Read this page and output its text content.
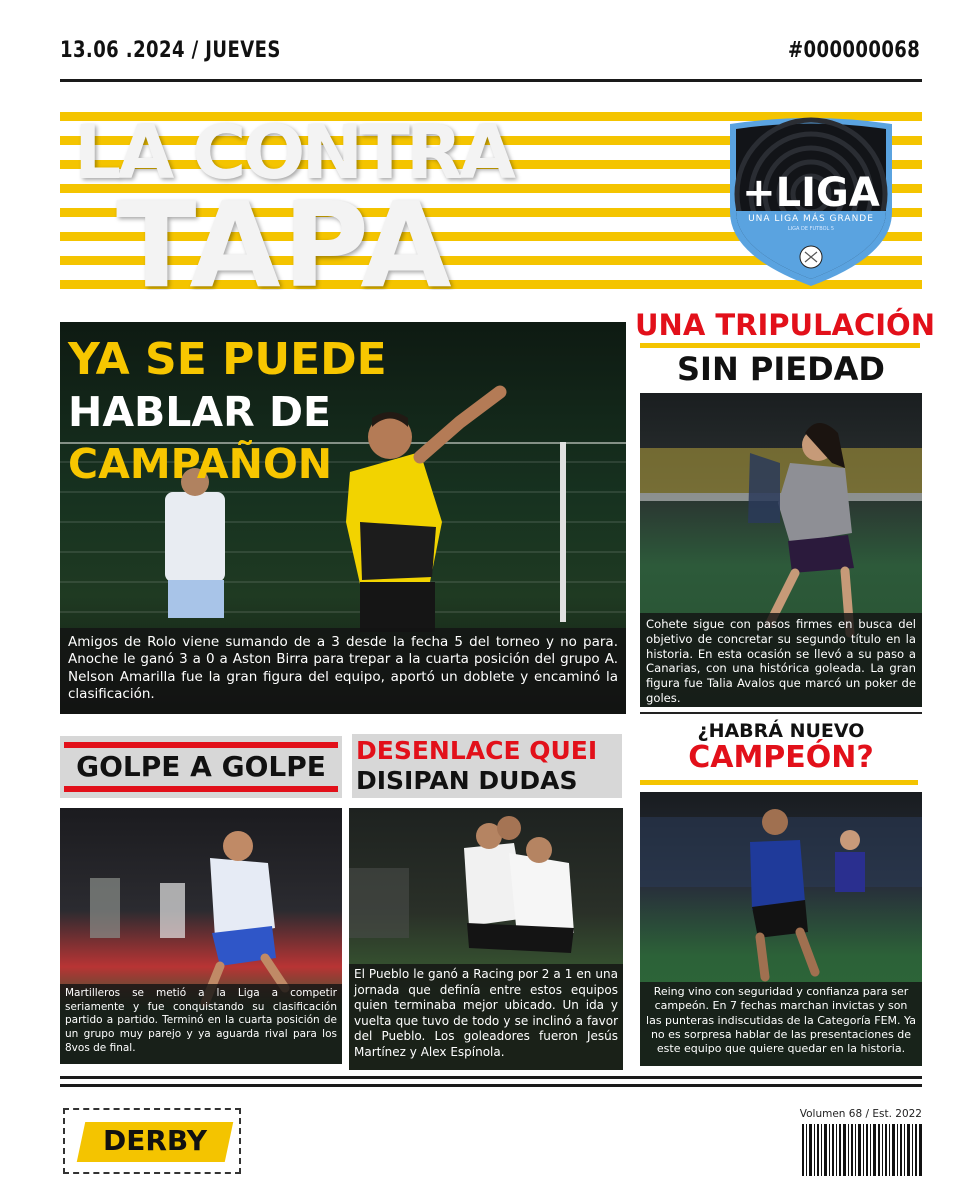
13.06 .2024 / JUEVES	#000000068
LA CONTRA
TAPA	+LIGA
UNA LIGA MÁS GRANDE
LIGA DE FUTBOL 5
YA SE PUEDE
HABLAR DE
CAMPAÑON
Amigos de Rolo viene sumando de a 3 desde la fecha 5 del torneo y no para. Anoche le ganó 3 a 0 a Aston Birra para trepar a la cuarta posición del grupo A. Nelson Amarilla fue la gran figura del equipo, aportó un doblete y encaminó la clasificación.
UNA TRIPULACIÓN
SIN PIEDAD
Cohete sigue con pasos firmes en busca del objetivo de concretar su segundo título en la historia. En esta ocasión se llevó a su paso a Canarias, con una histórica goleada. La gran figura fue Talia Avalos que marcó un poker de goles.
GOLPE A GOLPE
Martilleros se metió a la Liga a competir seriamente y fue conquistando su clasificación partido a partido. Terminó en la cuarta posición de un grupo muy parejo y ya aguarda rival para los 8vos de final.
DESENLACE QUEI
DISIPAN DUDAS
El Pueblo le ganó a Racing por 2 a 1 en una jornada que definía entre estos equipos quien terminaba mejor ubicado. Un ida y vuelta que tuvo de todo y se inclinó a favor del Pueblo. Los goleadores fueron Jesús Martínez y Alex Espínola.
¿HABRÁ NUEVO
CAMPEÓN?
Reing vino con seguridad y confianza para ser campeón. En 7 fechas marchan invictas y son las punteras indiscutidas de la Categoría FEM. Ya no es sorpresa hablar de las presentaciones de este equipo que quiere quedar en la historia.
DERBY
Volumen 68 / Est. 2022
